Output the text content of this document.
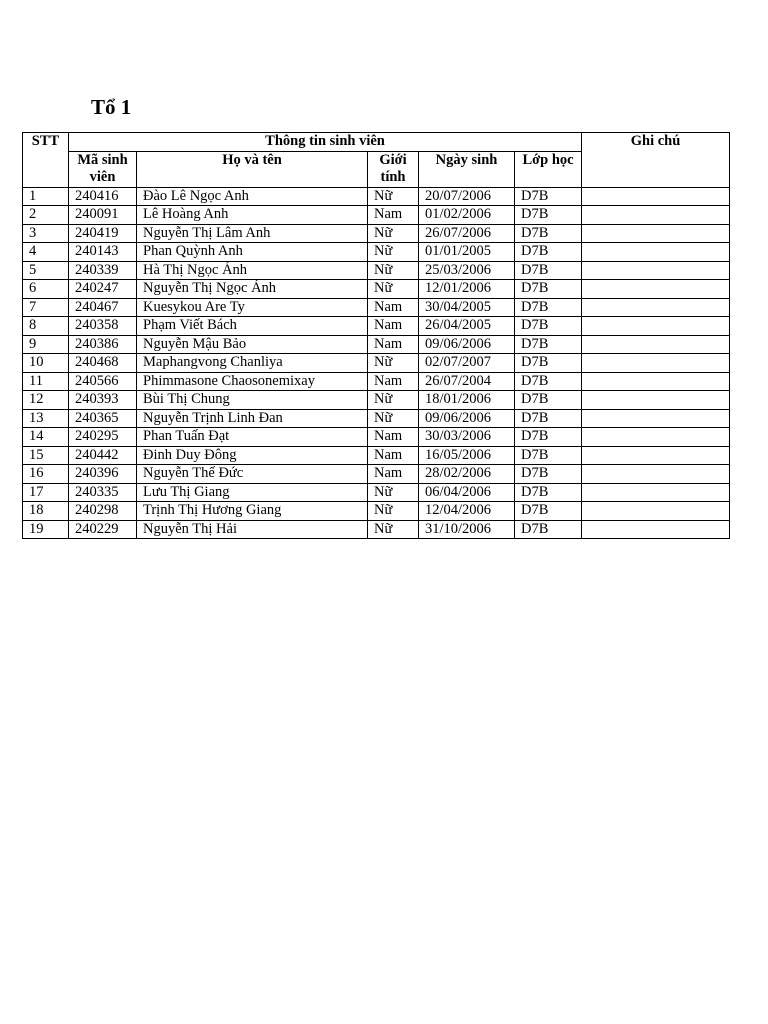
Tổ 1
STT	Thông tin sinh viên					Ghi chú
	Mã sinh viên	Họ và tên	Giới tính	Ngày sinh	Lớp học	
1	240416	Đào Lê Ngọc Anh	Nữ	20/07/2006	D7B	
2	240091	Lê Hoàng Anh	Nam	01/02/2006	D7B	
3	240419	Nguyễn Thị Lâm Anh	Nữ	26/07/2006	D7B	
4	240143	Phan Quỳnh Anh	Nữ	01/01/2005	D7B	
5	240339	Hà Thị Ngọc Ánh	Nữ	25/03/2006	D7B	
6	240247	Nguyễn Thị Ngọc Ánh	Nữ	12/01/2006	D7B	
7	240467	Kuesykou Are Ty	Nam	30/04/2005	D7B	
8	240358	Phạm Viết Bách	Nam	26/04/2005	D7B	
9	240386	Nguyễn Mậu Bảo	Nam	09/06/2006	D7B	
10	240468	Maphangvong Chanliya	Nữ	02/07/2007	D7B	
11	240566	Phimmasone Chaosonemixay	Nam	26/07/2004	D7B	
12	240393	Bùi Thị Chung	Nữ	18/01/2006	D7B	
13	240365	Nguyễn Trịnh Linh Đan	Nữ	09/06/2006	D7B	
14	240295	Phan Tuấn Đạt	Nam	30/03/2006	D7B	
15	240442	Đinh Duy Đông	Nam	16/05/2006	D7B	
16	240396	Nguyễn Thế Đức	Nam	28/02/2006	D7B	
17	240335	Lưu Thị Giang	Nữ	06/04/2006	D7B	
18	240298	Trịnh Thị Hương Giang	Nữ	12/04/2006	D7B	
19	240229	Nguyễn Thị Hải	Nữ	31/10/2006	D7B	
